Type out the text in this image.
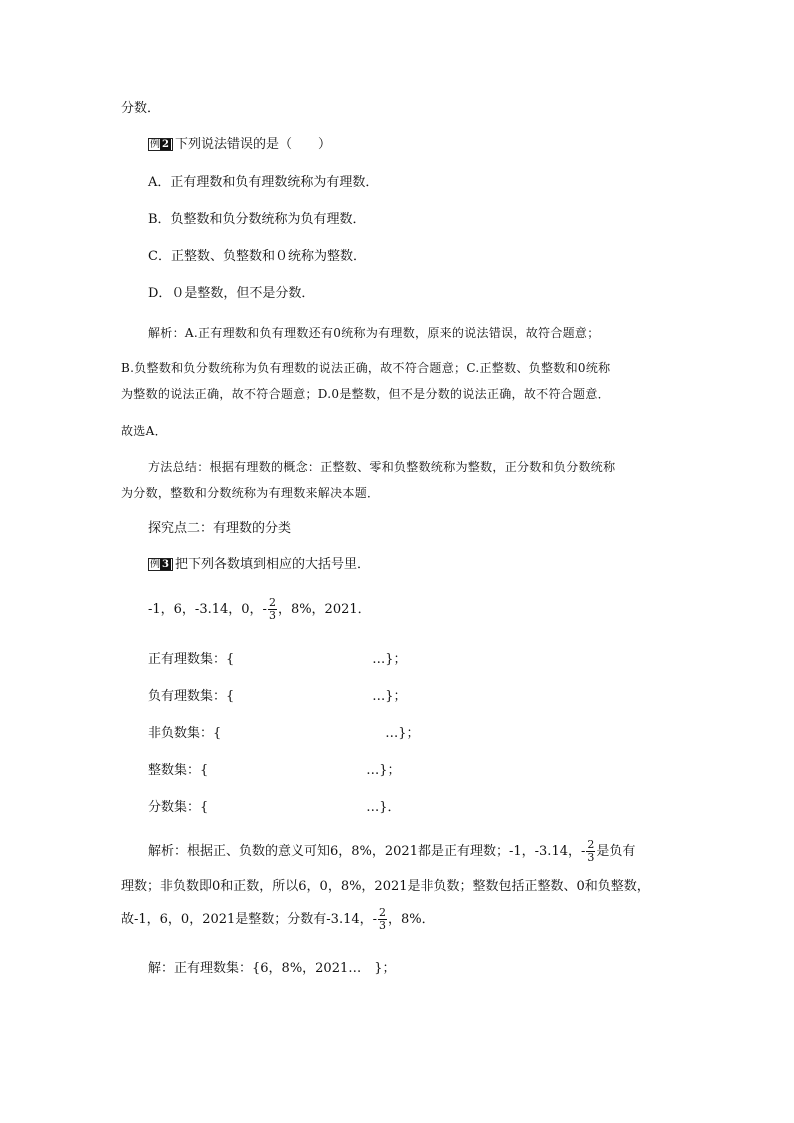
分数．
例 2 下列说法错误的是（　　）
A．正有理数和负有理数统称为有理数．
B．负整数和负分数统称为负有理数．
C．正整数、负整数和０统称为整数．
D．０是整数，但不是分数．
解析：A.正有理数和负有理数还有0统称为有理数，原来的说法错误，故符合题意；
B.负整数和负分数统称为负有理数的说法正确，故不符合题意；C.正整数、负整数和0统称
为整数的说法正确，故不符合题意；D.0是整数，但不是分数的说法正确，故不符合题意．
故选A．
方法总结：根据有理数的概念：正整数、零和负整数统称为整数，正分数和负分数统称
为分数，整数和分数统称为有理数来解决本题．
探究点二：有理数的分类
例 3 把下列各数填到相应的大括号里．
-1，6，-3.14，0，- $\frac{2}{3}$ ，8%，2021．
正有理数集：{	…}；
负有理数集：{	…}；
非负数集：{	…}；
整数集：{	…}；
分数集：{	…}．
解析：根据正、负数的意义可知6，8%，2021都是正有理数；-1，-3.14，- $\frac{2}{3}$ 是负有
理数；非负数即0和正数，所以6，0，8%，2021是非负数；整数包括正整数、0和负整数，
故-1，6，0，2021是整数；分数有-3.14，- $\frac{2}{3}$ ，8%．
解：正有理数集：{6，8%，2021…　}；
